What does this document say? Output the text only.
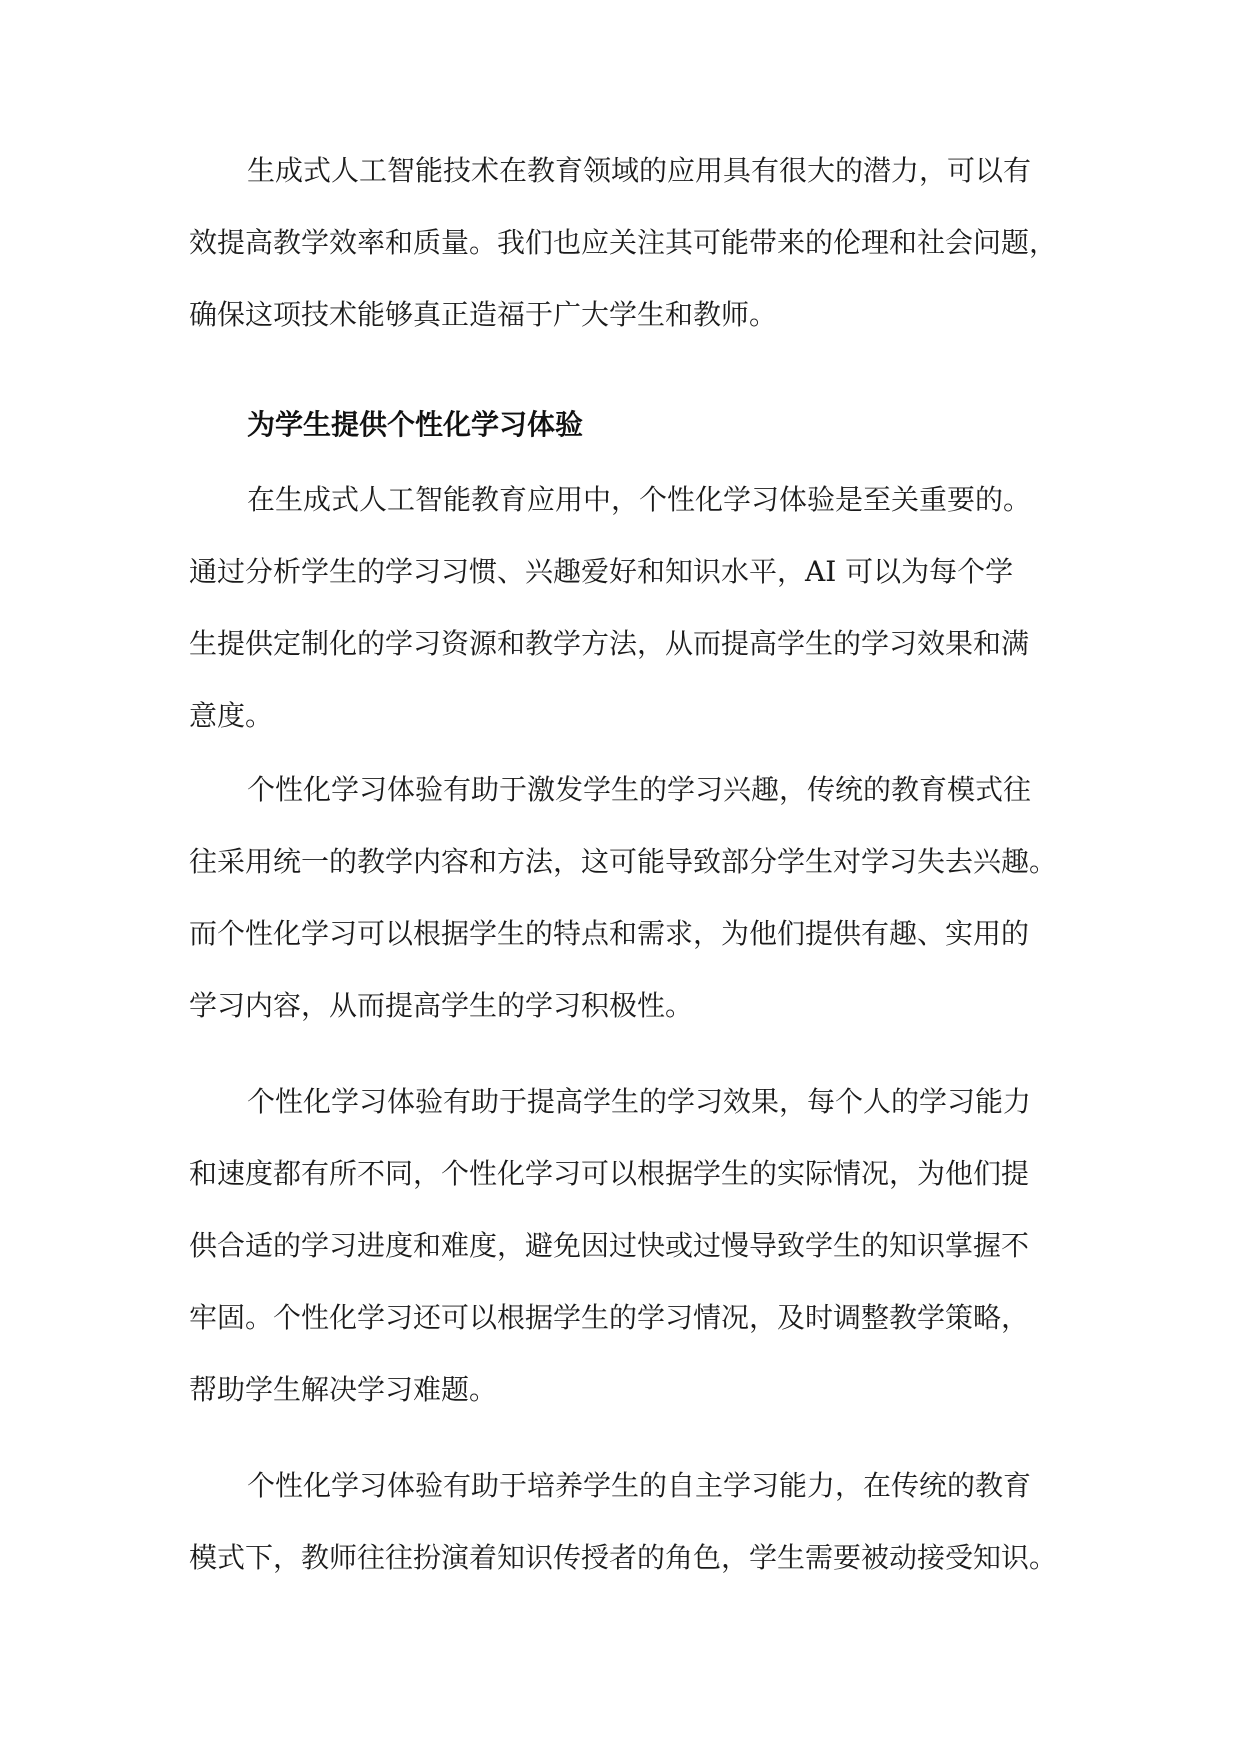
生成式人工智能技术在教育领域的应用具有很大的潜力，可以有
效提高教学效率和质量。我们也应关注其可能带来的伦理和社会问题，
确保这项技术能够真正造福于广大学生和教师。
为学生提供个性化学习体验
在生成式人工智能教育应用中，个性化学习体验是至关重要的。
通过分析学生的学习习惯、兴趣爱好和知识水平，AI 可以为每个学
生提供定制化的学习资源和教学方法，从而提高学生的学习效果和满
意度。
个性化学习体验有助于激发学生的学习兴趣，传统的教育模式往
往采用统一的教学内容和方法，这可能导致部分学生对学习失去兴趣。
而个性化学习可以根据学生的特点和需求，为他们提供有趣、实用的
学习内容，从而提高学生的学习积极性。
个性化学习体验有助于提高学生的学习效果，每个人的学习能力
和速度都有所不同，个性化学习可以根据学生的实际情况，为他们提
供合适的学习进度和难度，避免因过快或过慢导致学生的知识掌握不
牢固。个性化学习还可以根据学生的学习情况，及时调整教学策略，
帮助学生解决学习难题。
个性化学习体验有助于培养学生的自主学习能力，在传统的教育
模式下，教师往往扮演着知识传授者的角色，学生需要被动接受知识。
